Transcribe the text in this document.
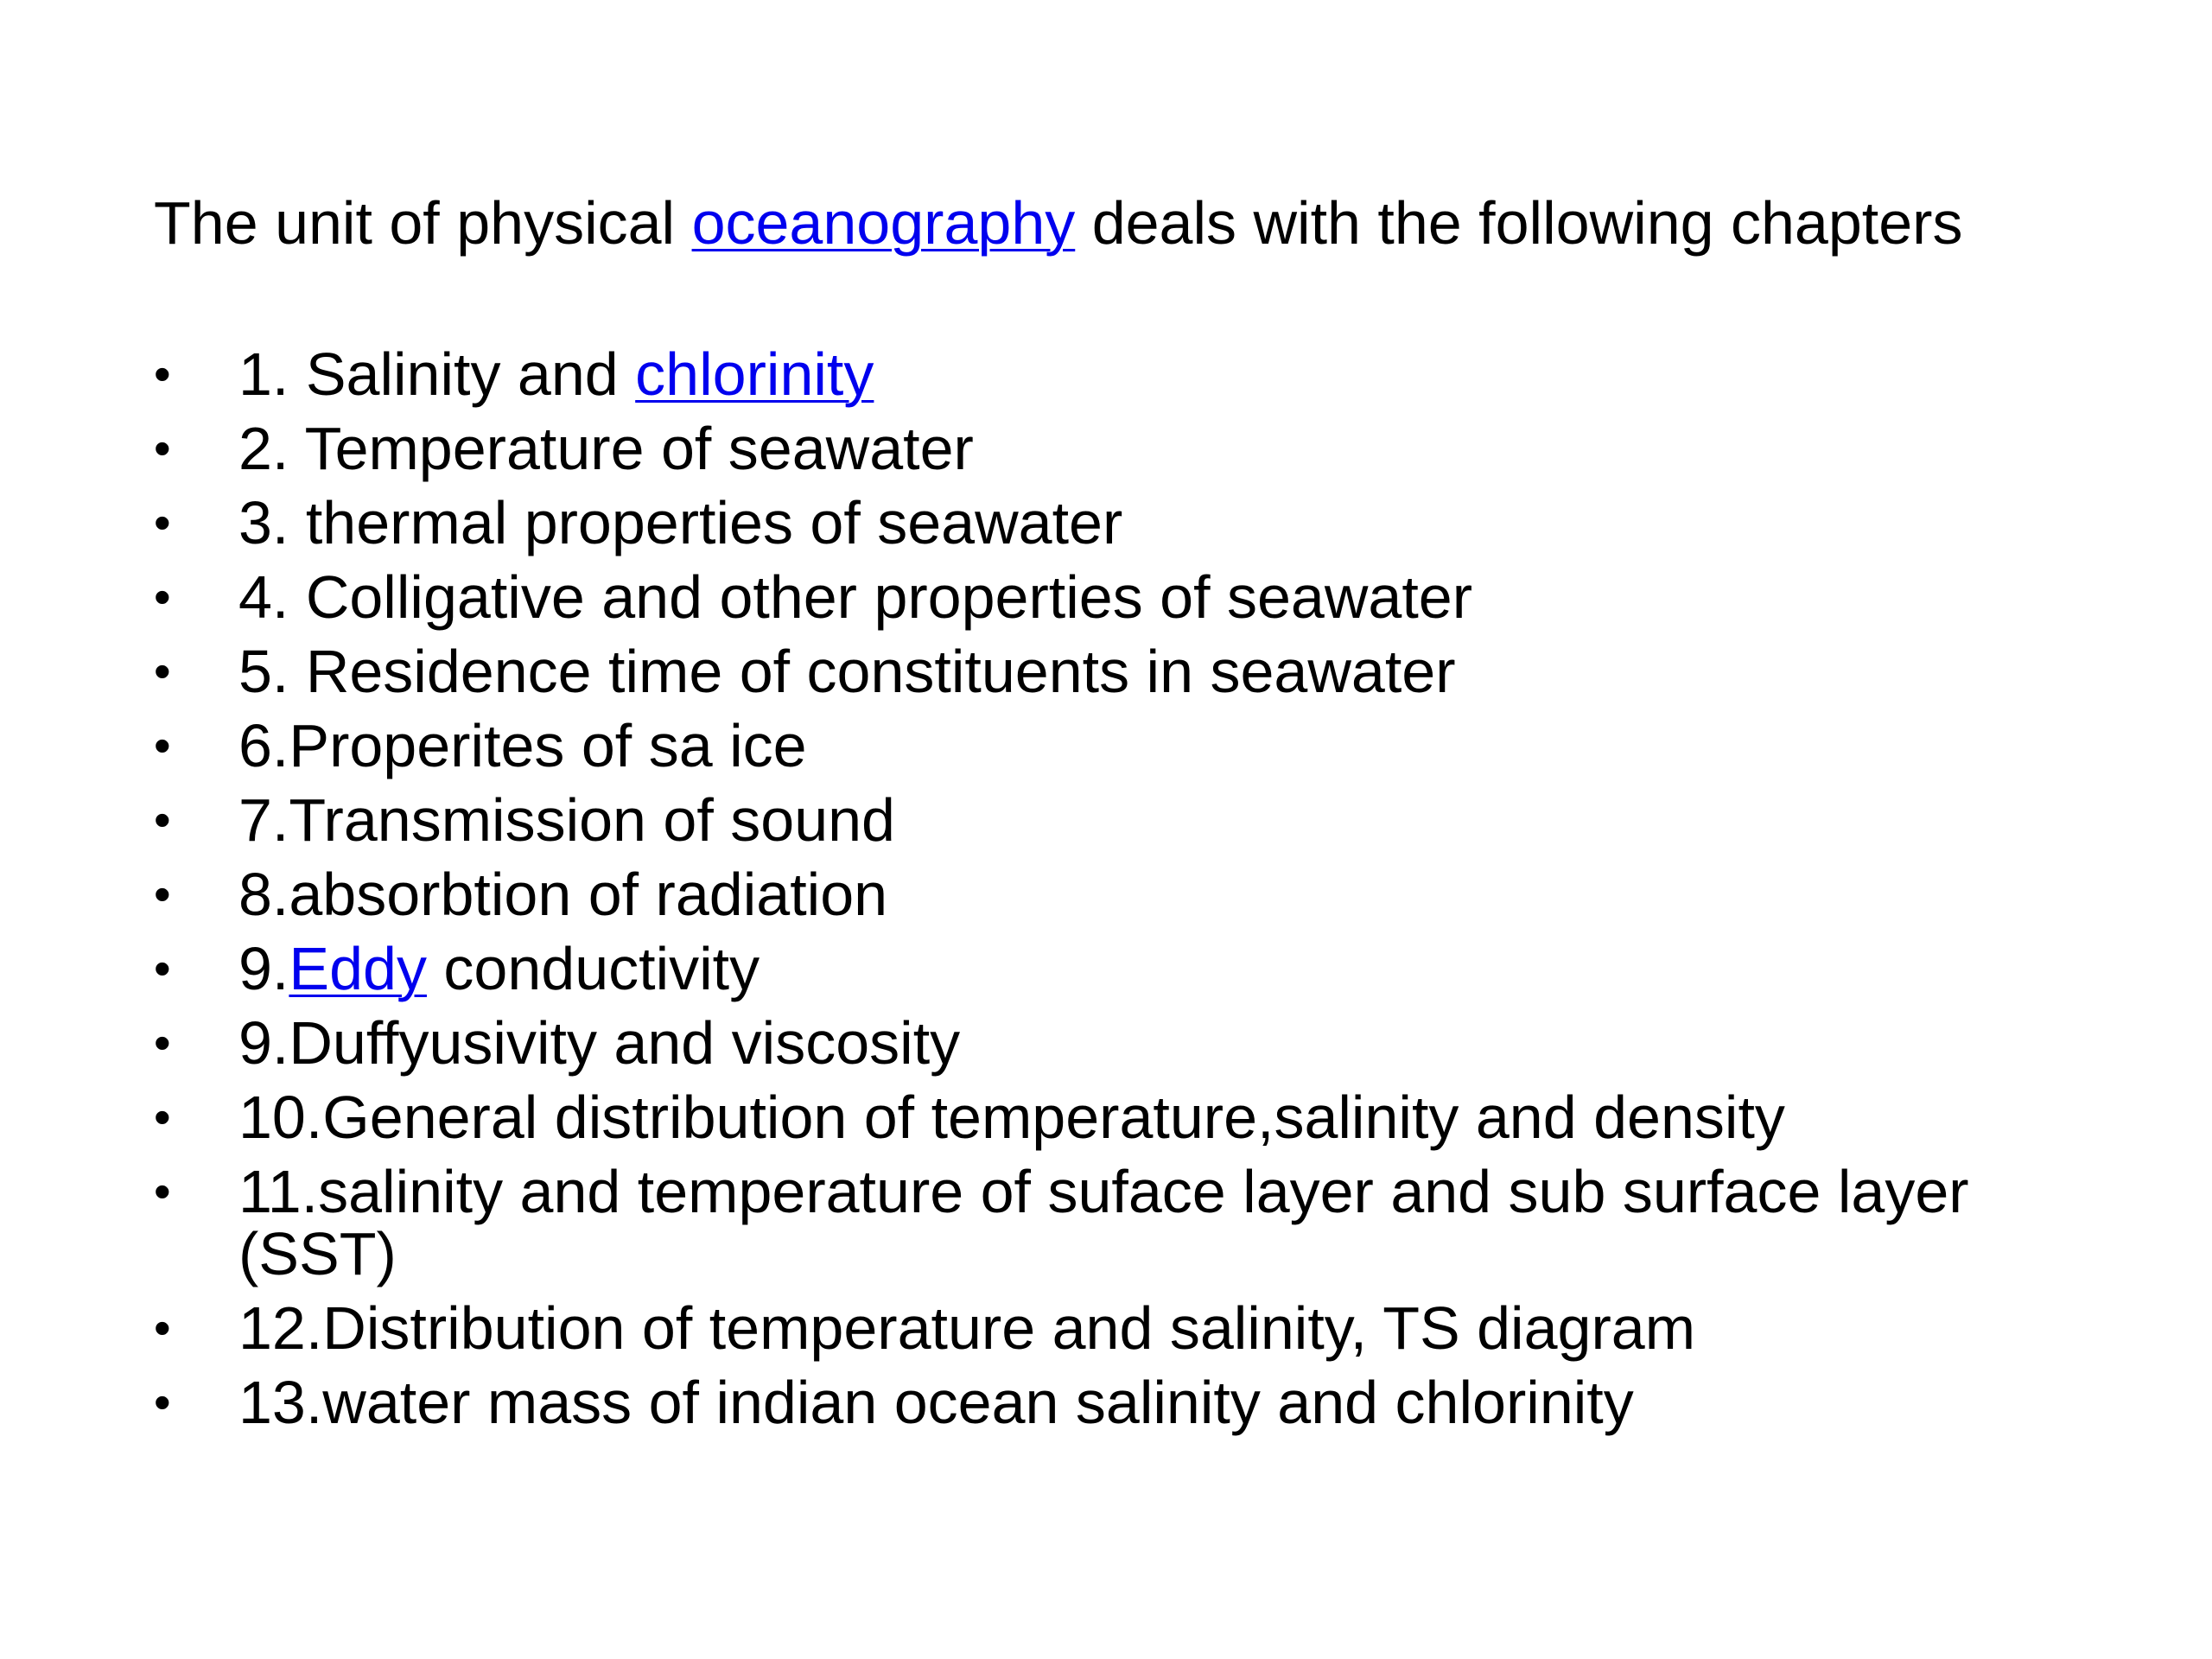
The unit of physical oceanography deals with the following chapters
• 1. Salinity and chlorinity
• 2. Temperature of seawater
• 3. thermal properties of seawater
• 4. Colligative and other properties of seawater
• 5. Residence time of constituents in seawater
• 6.Properites of sa ice
• 7.Transmission of sound
• 8.absorbtion of radiation
• 9.Eddy conductivity
• 9.Duffyusivity and viscosity
• 10.General distribution of temperature,salinity and density
• 11.salinity and temperature of suface layer and sub surface layer
(SST)
• 12.Distribution of temperature and salinity, TS diagram
• 13.water mass of indian ocean salinity and chlorinity
